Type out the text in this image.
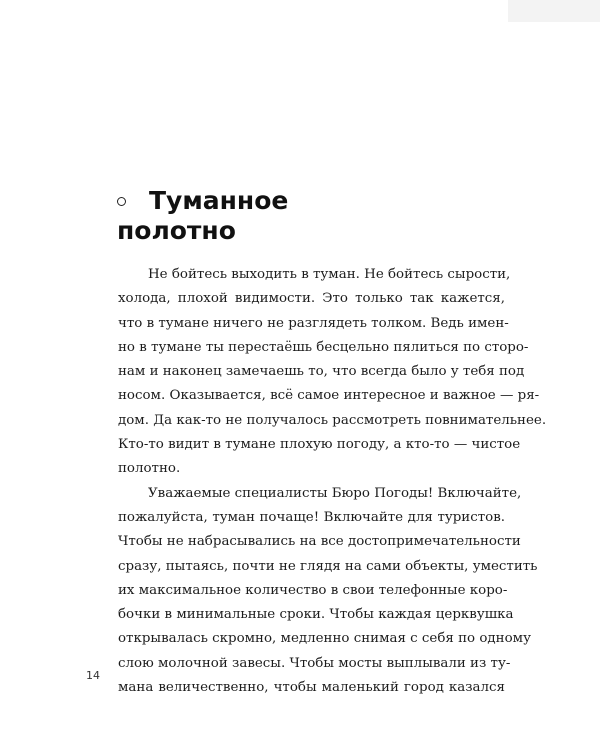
Туманное
полотно
Не бойтесь выходить в туман. Не бойтесь сырости,
холода, плохой видимости. Это только так кажется,
что в тумане ничего не разглядеть толком. Ведь имен-
но в тумане ты перестаёшь бесцельно пялиться по сторо-
нам и наконец замечаешь то, что всегда было у тебя под
носом. Оказывается, всё самое интересное и важное — ря-
дом. Да как-то не получалось рассмотреть повнимательнее.
Кто-то видит в тумане плохую погоду, а кто-то — чистое
полотно.
Уважаемые специалисты Бюро Погоды! Включайте,
пожалуйста, туман почаще! Включайте для туристов.
Чтобы не набрасывались на все достопримечательности
сразу, пытаясь, почти не глядя на сами объекты, уместить
их максимальное количество в свои телефонные коро-
бочки в минимальные сроки. Чтобы каждая церквушка
открывалась скромно, медленно снимая с себя по одному
слою молочной завесы. Чтобы мосты выплывали из ту-
мана величественно, чтобы маленький город казался
14
